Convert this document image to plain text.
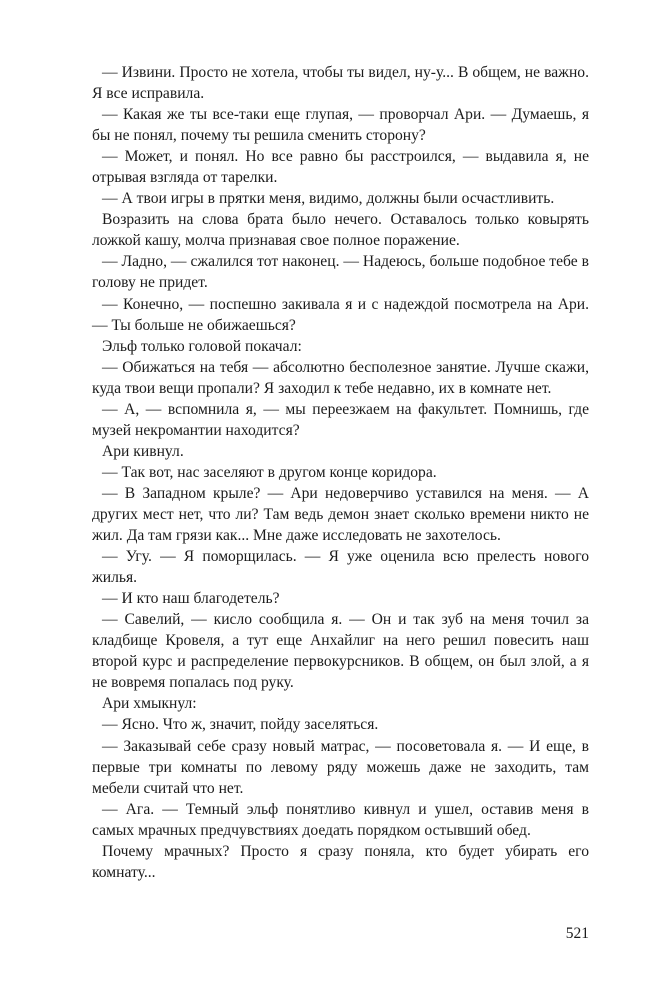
— Извини. Просто не хотела, чтобы ты видел, ну-у... В общем, не важно. Я все исправила.

— Какая же ты все-таки еще глупая, — проворчал Ари. — Думаешь, я бы не понял, почему ты решила сменить сторону?

— Может, и понял. Но все равно бы расстроился, — выдавила я, не отрывая взгляда от тарелки.

— А твои игры в прятки меня, видимо, должны были осчастливить.

Возразить на слова брата было нечего. Оставалось только ковырять ложкой кашу, молча признавая свое полное поражение.

— Ладно, — сжалился тот наконец. — Надеюсь, больше подобное тебе в голову не придет.

— Конечно, — поспешно закивала я и с надеждой посмотрела на Ари. — Ты больше не обижаешься?

Эльф только головой покачал:

— Обижаться на тебя — абсолютно бесполезное занятие. Лучше скажи, куда твои вещи пропали? Я заходил к тебе недавно, их в комнате нет.

— А, — вспомнила я, — мы переезжаем на факультет. Помнишь, где музей некромантии находится?

Ари кивнул.

— Так вот, нас заселяют в другом конце коридора.

— В Западном крыле? — Ари недоверчиво уставился на меня. — А других мест нет, что ли? Там ведь демон знает сколько времени никто не жил. Да там грязи как... Мне даже исследовать не захотелось.

— Угу. — Я поморщилась. — Я уже оценила всю прелесть нового жилья.

— И кто наш благодетель?

— Савелий, — кисло сообщила я. — Он и так зуб на меня точил за кладбище Кровеля, а тут еще Анхайлиг на него решил повесить наш второй курс и распределение первокурсников. В общем, он был злой, а я не вовремя попалась под руку.

Ари хмыкнул:

— Ясно. Что ж, значит, пойду заселяться.

— Заказывай себе сразу новый матрас, — посоветовала я. — И еще, в первые три комнаты по левому ряду можешь даже не заходить, там мебели считай что нет.

— Ага. — Темный эльф понятливо кивнул и ушел, оставив меня в самых мрачных предчувствиях доедать порядком остывший обед.

Почему мрачных? Просто я сразу поняла, кто будет убирать его комнату...

521
